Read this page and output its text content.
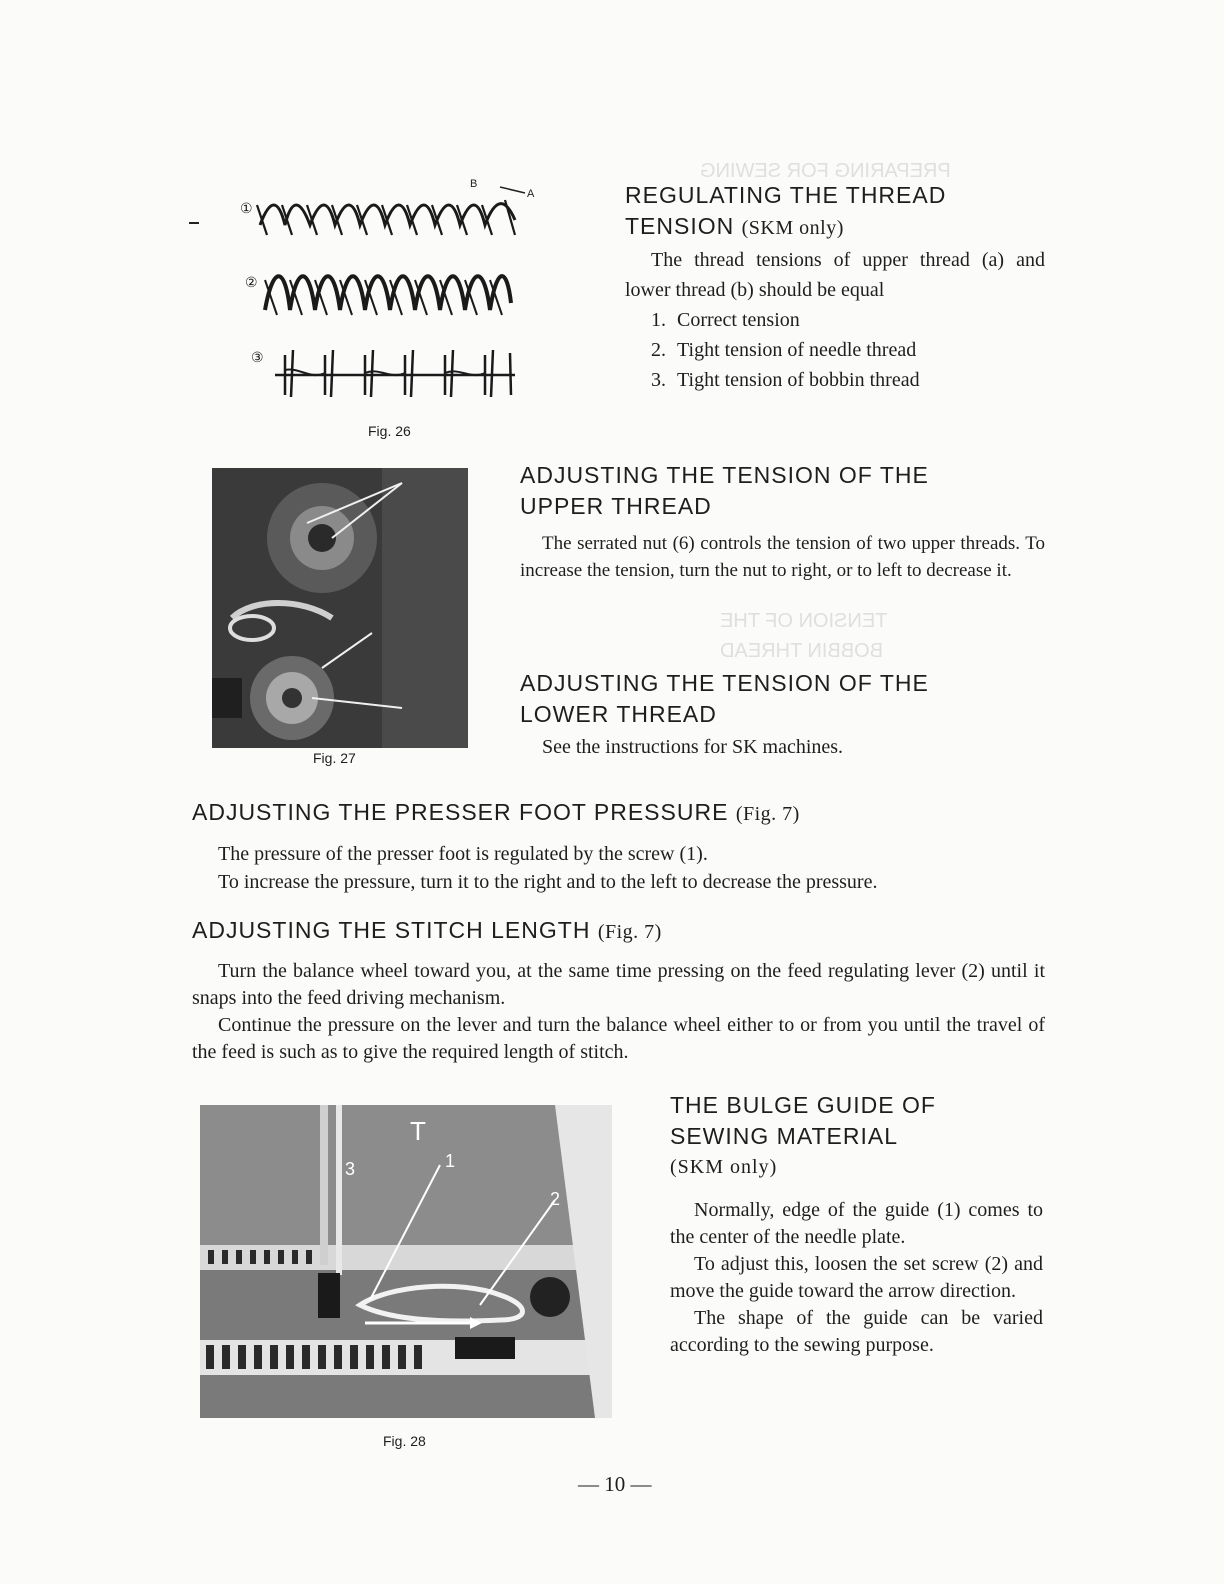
PREPARING FOR SEWING
TENSION OF THE
BOBBIN THREAD
①
B
A
②
③
Fig. 26
REGULATING THE THREAD
TENSION (SKM only)

The thread tensions of upper thread (a) and lower thread (b) should be equal

1. Correct tension
2. Tight tension of needle thread
3. Tight tension of bobbin thread
Fig. 27
ADJUSTING THE TENSION OF THE
UPPER THREAD

The serrated nut (6) controls the tension of two upper threads. To increase the tension, turn the nut to right, or to left to decrease it.

ADJUSTING THE TENSION OF THE
LOWER THREAD

See the instructions for SK machines.

ADJUSTING THE PRESSER FOOT PRESSURE (Fig. 7)

The pressure of the presser foot is regulated by the screw (1).

To increase the pressure, turn it to the right and to the left to decrease the pressure.

ADJUSTING THE STITCH LENGTH (Fig. 7)

Turn the balance wheel toward you, at the same time pressing on the feed regulating lever (2) until it snaps into the feed driving mechanism.

Continue the pressure on the lever and turn the balance wheel either to or from you until the travel of the feed is such as to give the required length of stitch.

1
2
3
T
Fig. 28
THE BULGE GUIDE OF
SEWING MATERIAL
(SKM only)

Normally, edge of the guide (1) comes to the center of the needle plate.

To adjust this, loosen the set screw (2) and move the guide toward the arrow direction.

The shape of the guide can be varied according to the sewing purpose.

— 10 —
